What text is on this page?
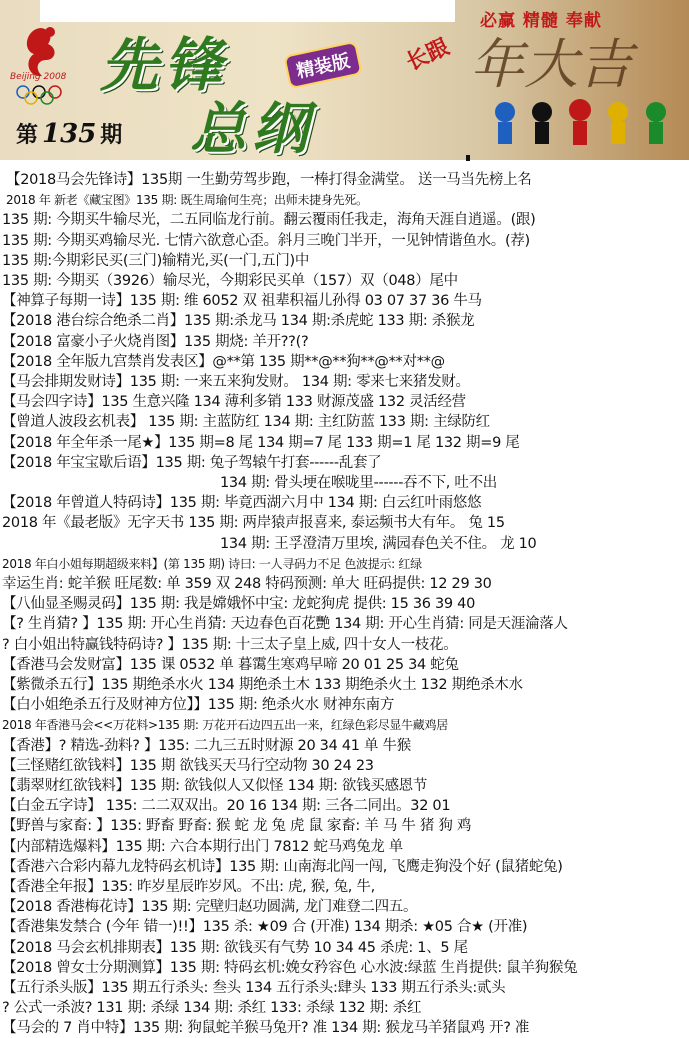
必赢 精髓 奉献
Beijing 2008 先锋	精装版
总纲
第 135 期
长跟 年大吉
【2018马会先锋诗】135期 一生勤劳驾步跑，一棒打得金满堂。 送一马当先榜上名
2018 年 新老《藏宝图》135 期: 既生周瑜何生亮；出师未捷身先死。
135 期: 今期买牛输尽光，二五同临龙行前。翻云覆雨任我走，海角天涯自逍遥。(跟)
135 期: 今期买鸡输尽光. 七情六欲意心歪。斜月三晚门半开，一见钟情谐鱼水。(荐)
135 期:今期彩民买(三门)输精光,买(一门,五门)中
135 期: 今期买（3926）输尽光，今期彩民买单（157）双（048）尾中
【神算子每期一诗】135 期: 维 6052 双 祖辈积福儿孙得 03 07 37 36 牛马
【2018 港台综合绝杀二肖】135 期:杀龙马 134 期:杀虎蛇 133 期: 杀猴龙
【2018 富豪小子火烧肖图】135 期烧: 羊开??(?
【2018 全年版九宫禁肖发表区】@**第 135 期**@**狗**@**对**@
【马会排期发财诗】135 期: 一来五来狗发财。 134 期: 零来七来猪发财。
【马会四字诗】135 生意兴隆 134 薄利多销 133 财源茂盛 132 灵活经营
【曾道人波段玄机表】 135 期: 主蓝防红 134 期: 主红防蓝 133 期: 主绿防红
【2018 年全年杀一尾★】135 期=8 尾 134 期=7 尾 133 期=1 尾 132 期=9 尾
【2018 年宝宝歇后语】135 期: 兔子驾辕午打套------乱套了
134 期: 骨头埂在喉咙里------吞不下, 吐不出
【2018 年曾道人特码诗】135 期: 毕竟西湖六月中 134 期: 白云红叶雨悠悠
2018 年《最老版》无字天书 135 期: 两岸猿声报喜来, 泰运频书大有年。 兔 15
134 期: 王孚澄清万里埃, 满园春色关不住。 龙 10
2018 年白小姐每期超级来料】(第 135 期) 诗曰: 一人寻码力不足 色波提示: 红绿
幸运生肖: 蛇羊猴 旺尾数: 单 359 双 248 特码预测: 单大 旺码提供: 12 29 30
【八仙显圣赐灵码】135 期: 我是嫦娥怀中宝: 龙蛇狗虎 提供: 15 36 39 40
【? 生肖猜? 】135 期: 开心生肖猜: 天边春色百花艷 134 期: 开心生肖猜: 同是天涯淪落人
? 白小姐出特赢钱特码诗? 】135 期: 十三太子皇上威, 四十女人一枝花。
【香港马会发财富】135 课 0532 单 暮霭生寒鸡早啼 20 01 25 34 蛇兔
【紫微杀五行】135 期绝杀水火 134 期绝杀土木 133 期绝杀火土 132 期绝杀木水
【白小姐绝杀五行及财神方位】】135 期: 绝杀火水 财神东南方
2018 年香港马会<<万花料>135 期: 万花开石边四五出一来，红绿色彩尽显牛藏鸡居
【香港】? 精选-劲料? 】135: 二九三五时财源 20 34 41 单 牛猴
【三怪赌红欲钱料】135 期 欲钱买天马行空动物 30 24 23
【翡翠财红欲钱料】135 期: 欲钱似人又似怪 134 期: 欲钱买感恩节
【白金五字诗】 135: 二二双双出。20 16 134 期: 三各二同出。32 01
【野兽与家畜: 】135: 野畜 野畜: 猴 蛇 龙 兔 虎 鼠 家畜: 羊 马 牛 猪 狗 鸡
【内部精选爆料】135 期: 六合本期行出门 7812 蛇马鸡兔龙 单
【香港六合彩内幕九龙特码玄机诗】135 期: 山南海北闯一闯, 飞鹰走狗没个好 (鼠猪蛇兔)
【香港全年报】135: 昨岁星辰昨岁风。不出: 虎, 猴, 兔, 牛,
【2018 香港梅花诗】135 期: 完壁归赵功圆满, 龙门难登二四五。
【香港集发禁合 (今年 错一)!!】135 杀: ★09 合 (开准) 134 期杀: ★05 合★ (开准)
【2018 马会玄机排期表】135 期: 欲钱买有气势 10 34 45 杀虎: 1、5 尾
【2018 曾女士分期测算】135 期: 特码玄机:娩女矜容色 心水波:绿蓝 生肖提供: 鼠羊狗猴兔
【五行杀头版】135 期五行杀头: 叁头 134 五行杀头:肆头 133 期五行杀头:贰头
? 公式一杀波? 131 期: 杀绿 134 期: 杀红 133: 杀绿 132 期: 杀红
【马会的 7 肖中特】135 期: 狗鼠蛇羊猴马兔开? 准 134 期: 猴龙马羊猪鼠鸡 开? 准
